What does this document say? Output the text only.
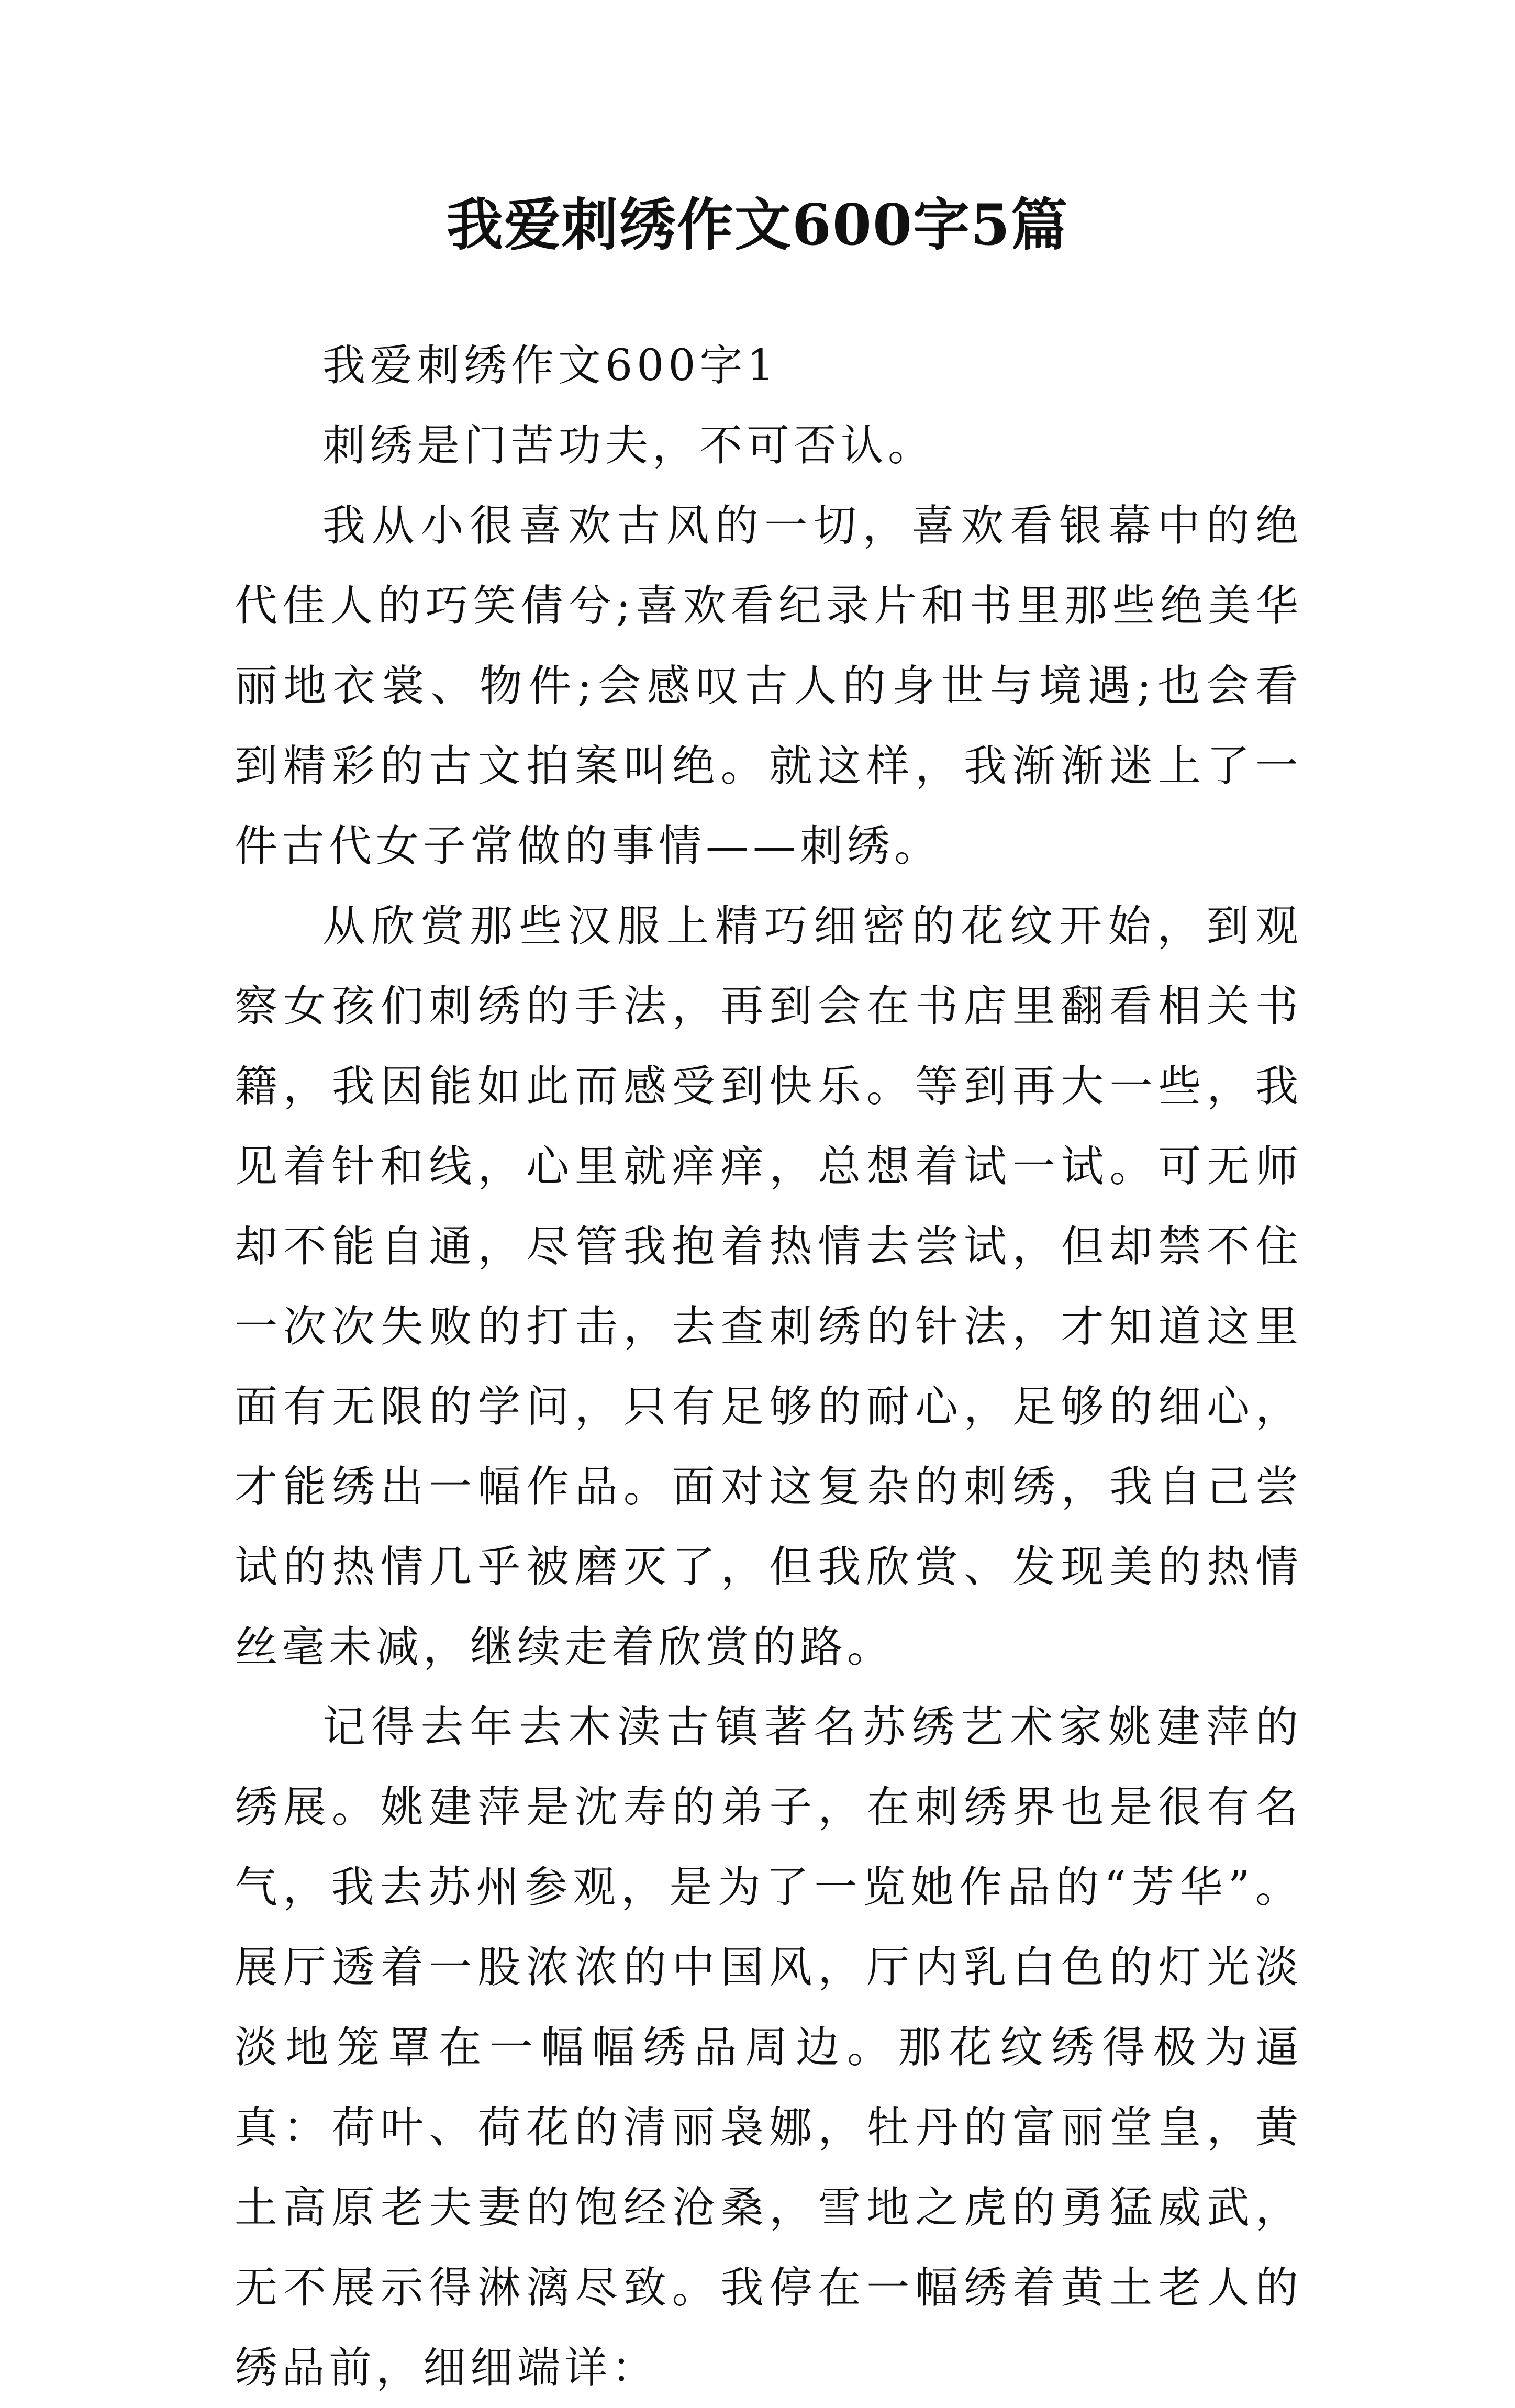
我爱刺绣作文600字5篇

我爱刺绣作文600字1

刺绣是门苦功夫，不可否认。

我从小很喜欢古风的一切，喜欢看银幕中的绝代佳人的巧笑倩兮;喜欢看纪录片和书里那些绝美华丽地衣裳、物件;会感叹古人的身世与境遇;也会看到精彩的古文拍案叫绝。就这样，我渐渐迷上了一件古代女子常做的事情——刺绣。

从欣赏那些汉服上精巧细密的花纹开始，到观察女孩们刺绣的手法，再到会在书店里翻看相关书籍，我因能如此而感受到快乐。等到再大一些，我见着针和线，心里就痒痒，总想着试一试。可无师却不能自通，尽管我抱着热情去尝试，但却禁不住一次次失败的打击，去查刺绣的针法，才知道这里面有无限的学问，只有足够的耐心，足够的细心，才能绣出一幅作品。面对这复杂的刺绣，我自己尝试的热情几乎被磨灭了，但我欣赏、发现美的热情丝毫未减，继续走着欣赏的路。

记得去年去木渎古镇著名苏绣艺术家姚建萍的绣展。姚建萍是沈寿的弟子，在刺绣界也是很有名气，我去苏州参观，是为了一览她作品的“芳华”。展厅透着一股浓浓的中国风，厅内乳白色的灯光淡淡地笼罩在一幅幅绣品周边。那花纹绣得极为逼真：荷叶、荷花的清丽袅娜，牡丹的富丽堂皇，黄土高原老夫妻的饱经沧桑，雪地之虎的勇猛威武，无不展示得淋漓尽致。我停在一幅绣着黄土老人的绣品前，细细端详：
